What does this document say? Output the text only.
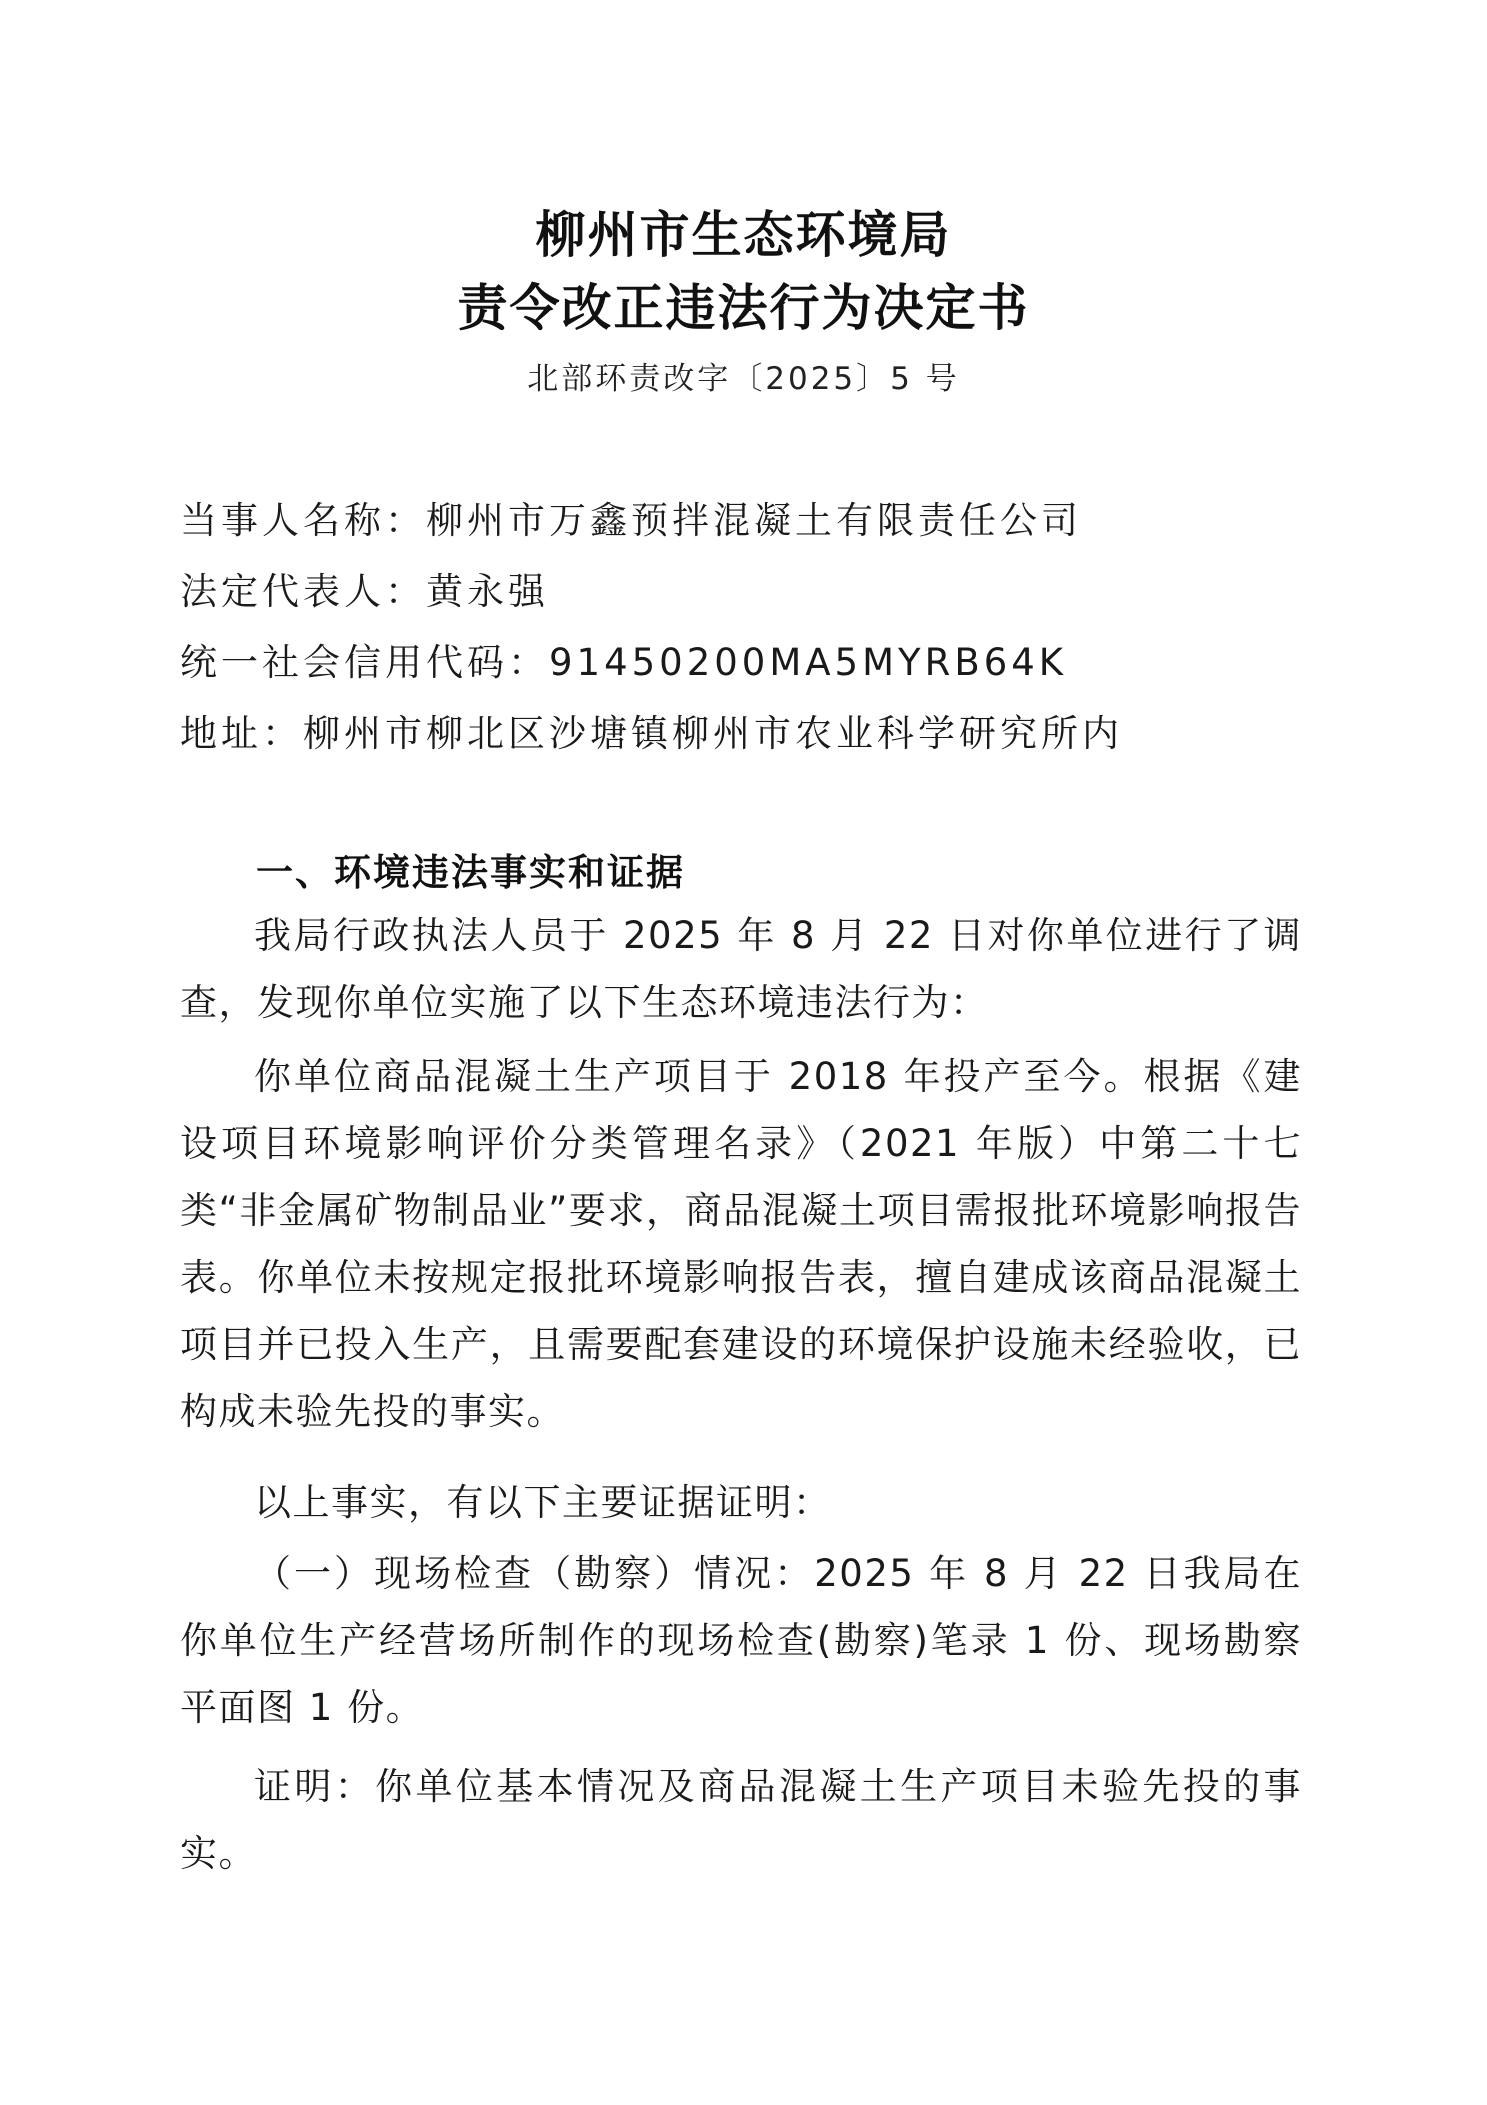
柳州市生态环境局
责令改正违法行为决定书
北部环责改字〔2025〕5 号
当事人名称：柳州市万鑫预拌混凝土有限责任公司
法定代表人：黄永强
统一社会信用代码：91450200MA5MYRB64K
地址：柳州市柳北区沙塘镇柳州市农业科学研究所内
一、环境违法事实和证据
我局行政执法人员于 2025 年 8 月 22 日对你单位进行了调查，发现你单位实施了以下生态环境违法行为：
你单位商品混凝土生产项目于 2018 年投产至今。根据《建设项目环境影响评价分类管理名录》（2021 年版）中第二十七类“非金属矿物制品业”要求，商品混凝土项目需报批环境影响报告表。你单位未按规定报批环境影响报告表，擅自建成该商品混凝土项目并已投入生产，且需要配套建设的环境保护设施未经验收，已构成未验先投的事实。
以上事实，有以下主要证据证明：
（一）现场检查（勘察）情况：2025 年 8 月 22 日我局在你单位生产经营场所制作的现场检查(勘察)笔录 1 份、现场勘察平面图 1 份。
证明：你单位基本情况及商品混凝土生产项目未验先投的事实。
